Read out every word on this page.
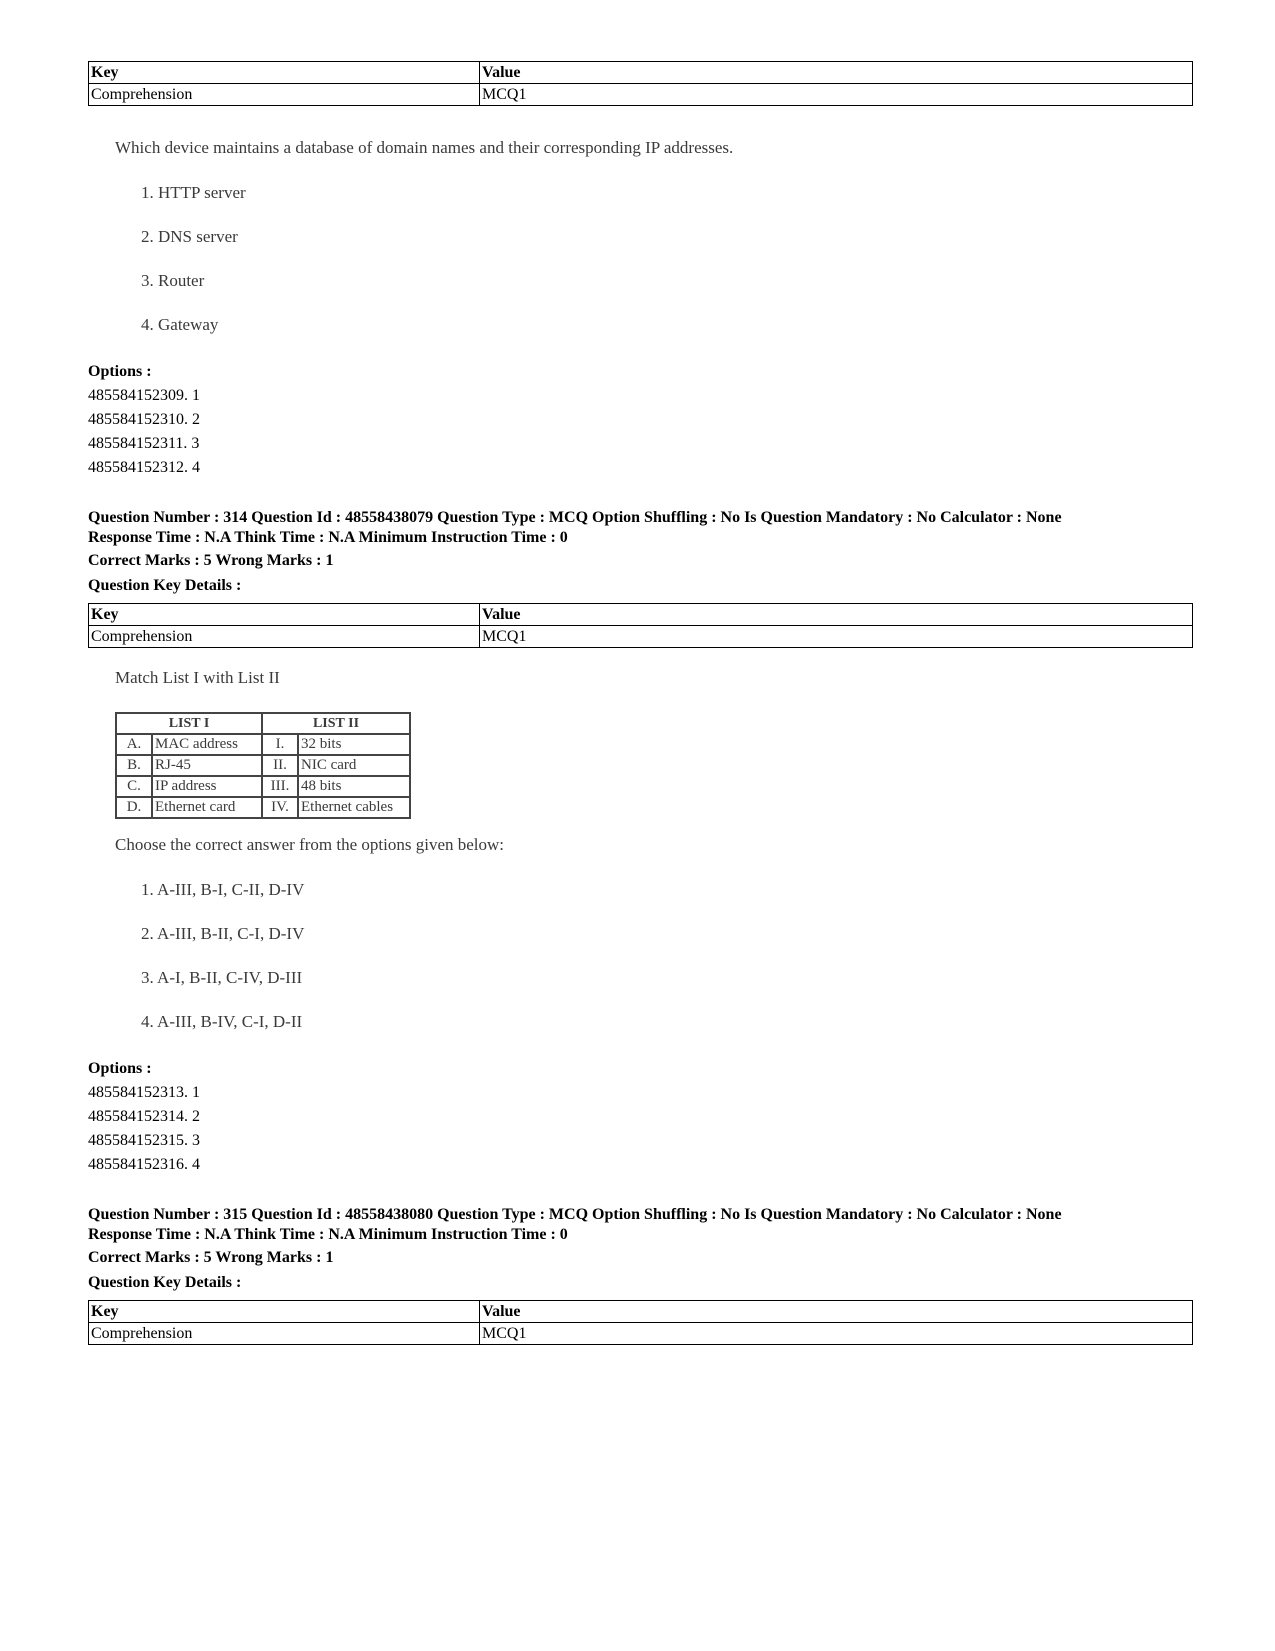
Key	Value
Comprehension	MCQ1
Which device maintains a database of domain names and their corresponding IP addresses.
1. HTTP server
2. DNS server
3. Router
4. Gateway
Options :
485584152309. 1
485584152310. 2
485584152311. 3
485584152312. 4
Question Number : 314 Question Id : 48558438079 Question Type : MCQ Option Shuffling : No Is Question Mandatory : No Calculator : None
Response Time : N.A Think Time : N.A Minimum Instruction Time : 0
Correct Marks : 5 Wrong Marks : 1
Question Key Details :
Key	Value
Comprehension	MCQ1
Match List I with List II
LIST I		LIST II	
A.	MAC address	I.	32 bits
B.	RJ-45	II.	NIC card
C.	IP address	III.	48 bits
D.	Ethernet card	IV.	Ethernet cables
Choose the correct answer from the options given below:
1. A-III, B-I, C-II, D-IV
2. A-III, B-II, C-I, D-IV
3. A-I, B-II, C-IV, D-III
4. A-III, B-IV, C-I, D-II
Options :
485584152313. 1
485584152314. 2
485584152315. 3
485584152316. 4
Question Number : 315 Question Id : 48558438080 Question Type : MCQ Option Shuffling : No Is Question Mandatory : No Calculator : None
Response Time : N.A Think Time : N.A Minimum Instruction Time : 0
Correct Marks : 5 Wrong Marks : 1
Question Key Details :
Key	Value
Comprehension	MCQ1
